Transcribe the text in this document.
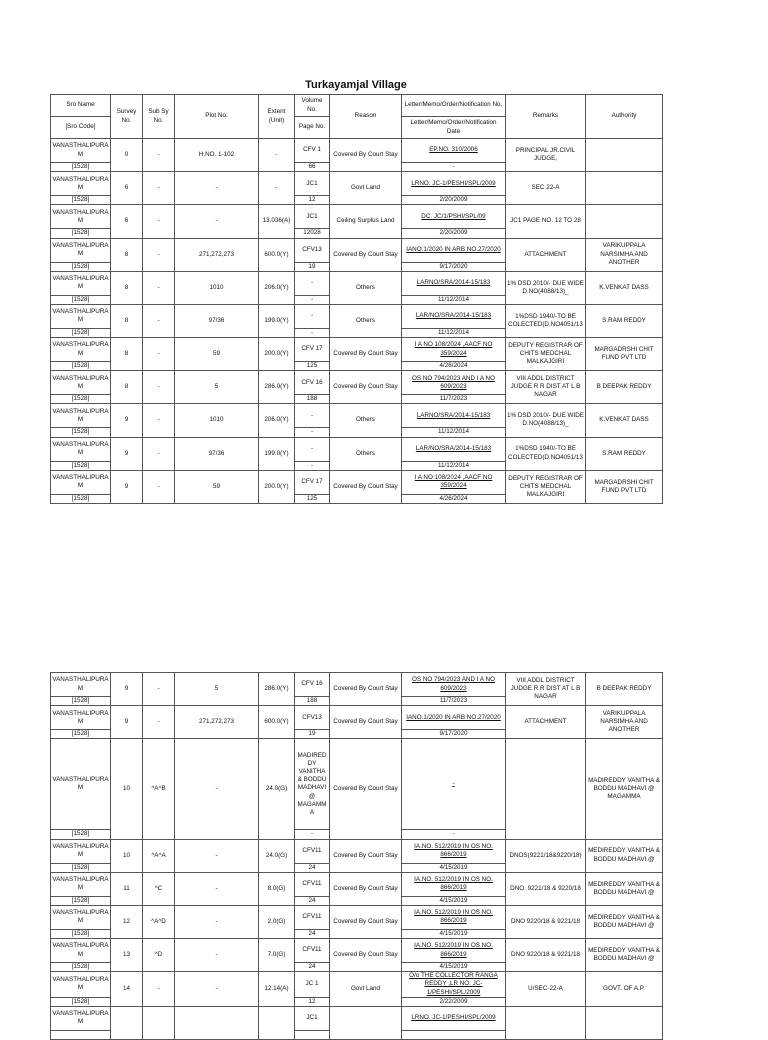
Turkayamjal Village
Sro Name	Survey No.	Sub Sy No.	Plot No.	Extent (Unit)	Volume No.	Reason	Letter/Memo/Order/Notification No.	Remarks	Authority
[Sro Code]					Page No.		Letter/Memo/Order/Notification Date		
VANASTHALIPURAM	0	-	H.NO. 1-102	-	CFV 1	Covered By Court Stay	EP.NO. 310/2006	PRINCIPAL JR.CIVIL JUDGE,	
[1528]					66		-		
VANASTHALIPURAM	6	-	-	-	JC1	Govt Land	LRNO. JC-1/PESHI/SPL/2009	SEC 22-A	
[1528]					12		2/20/2009		
VANASTHALIPURAM	6	-	-	13.036(A)	JC1	Ceiling Surplus Land	DC. JC/1/PSHI/SPL/09	JC1 PAGE NO. 12 TO 28	
[1528]					12028		2/20/2009		
VANASTHALIPURAM	8	-	271,272,273	600.0(Y)	CFV13	Covered By Court Stay	IANO.1/2020 IN ARB NO.27/2020	ATTACHMENT	VARIKUPPALA NARSIMHA AND ANOTHER
[1528]					19		9/17/2020		
VANASTHALIPURAM	8	-	1010	206.0(Y)	-	Others	LARNO/SRA/2014-15/183	1% DSD 2010/- DUE WIDE D.NO(4088/13)_	K.VENKAT DASS
[1528]					-		11/12/2014		
VANASTHALIPURAM	8	-	97/36	199.0(Y)	-	Others	LAR/NO/SRA/2014-15/183	1%DSD 1940/-TO BE COLECTED(D.NO4051/13	S.RAM REDDY
[1528]					-		11/12/2014		
VANASTHALIPURAM	8	-	59	200.0(Y)	CFV 17	Covered By Court Stay	I A NO 108/2024 ,AACF NO 359/2024	DEPUTY REGISTRAR OF CHITS MEDCHAL MALKAJGIRI	MARGADRSHI CHIT FUND PVT LTD
[1528]					125		4/26/2024		
VANASTHALIPURAM	8	-	5	286.0(Y)	CFV 16	Covered By Court Stay	OS NO 794/2023 AND I A NO 609/2023	VIII ADDL DISTRICT JUDGE R R DIST AT L B NAGAR	B DEEPAK REDDY
[1528]					188		11/7/2023		
VANASTHALIPURAM	9	-	1010	206.0(Y)	-	Others	LARNO/SRA/2014-15/183	1% DSD 2010/- DUE WIDE D.NO(4088/13)_	K.VENKAT DASS
[1528]					-		11/12/2014		
VANASTHALIPURAM	9	-	97/36	199.0(Y)	-	Others	LAR/NO/SRA/2014-15/183	1%DSD 1940/-TO BE COLECTED(D.NO4051/13	S.RAM REDDY
[1528]					-		11/12/2014		
VANASTHALIPURAM	9	-	59	200.0(Y)	CFV 17	Covered By Court Stay	I A NO 108/2024 ,AACF NO 359/2024	DEPUTY REGISTRAR OF CHITS MEDCHAL MALKAJGIRI	MARGADRSHI CHIT FUND PVT LTD
[1528]					125		4/26/2024		
VANASTHALIPURAM	9	-	5	286.0(Y)	CFV 16	Covered By Court Stay	OS NO 794/2023 AND I A NO 609/2023	VIII ADDL DISTRICT JUDGE R R DIST AT L B NAGAR	B DEEPAK REDDY
[1528]					188		11/7/2023		
VANASTHALIPURAM	9	-	271,272,273	600.0(Y)	CFV13	Covered By Court Stay	IANO.1/2020 IN ARB NO.27/2020	ATTACHMENT	VARIKUPPALA NARSIMHA AND ANOTHER
[1528]					19		9/17/2020		
VANASTHALIPURAM	10	^A^B	-	24.0(G)	MADIREDDY VANITHA & BODDU MADHAVI @ MAGAMMA	Covered By Court Stay	-		MADIREDDY VANITHA & BODDU MADHAVI @ MAGAMMA
[1528]					-		-		
VANASTHALIPURAM	10	^A^A	-	24.0(G)	CFV11	Covered By Court Stay	IA.NO. 512/2019 IN OS NO. 866/2019	DNOS(9221/18&9220/18)	MEDIREDDY VANITHA & BODDU MADHAVI @
[1528]					24		4/15/2019		
VANASTHALIPURAM	11	^C	-	8.0(G)	CFV11	Covered By Court Stay	IA.NO. 512/2019 IN OS NO. 866/2019	DNO. 9221/18 & 9220/18	MEDIREDDY VANITHA & BODDU MADHAVI @
[1528]					24		4/15/2019		
VANASTHALIPURAM	12	^A^D	-	2.0(G)	CFV11	Covered By Court Stay	IA.NO. 512/2019 IN OS NO. 866/2019	DNO 9220/18 & 9221/18	MEDIREDDY VANITHA & BODDU MADHAVI @
[1528]					24		4/15/2019		
VANASTHALIPURAM	13	^D	-	7.0(G)	CFV11	Covered By Court Stay	IA.NO. 512/2019 IN OS NO. 866/2019	DNO 9220/18 & 9221/18	MEDIREDDY VANITHA & BODDU MADHAVI @
[1528]					24		4/15/2019		
VANASTHALIPURAM	14	-	-	12.14(A)	JC 1	Govt Land	O/o THE COLLECTOR RANGA REDDY ,LR NO. JC-1/PESHI/SPL/2009	U/SEC-22-A	GOVT. OF A.P.
[1528]					12		2/22/2009		
VANASTHALIPURAM					JC1		LRNO. JC-1/PESHI/SPL/2009		
